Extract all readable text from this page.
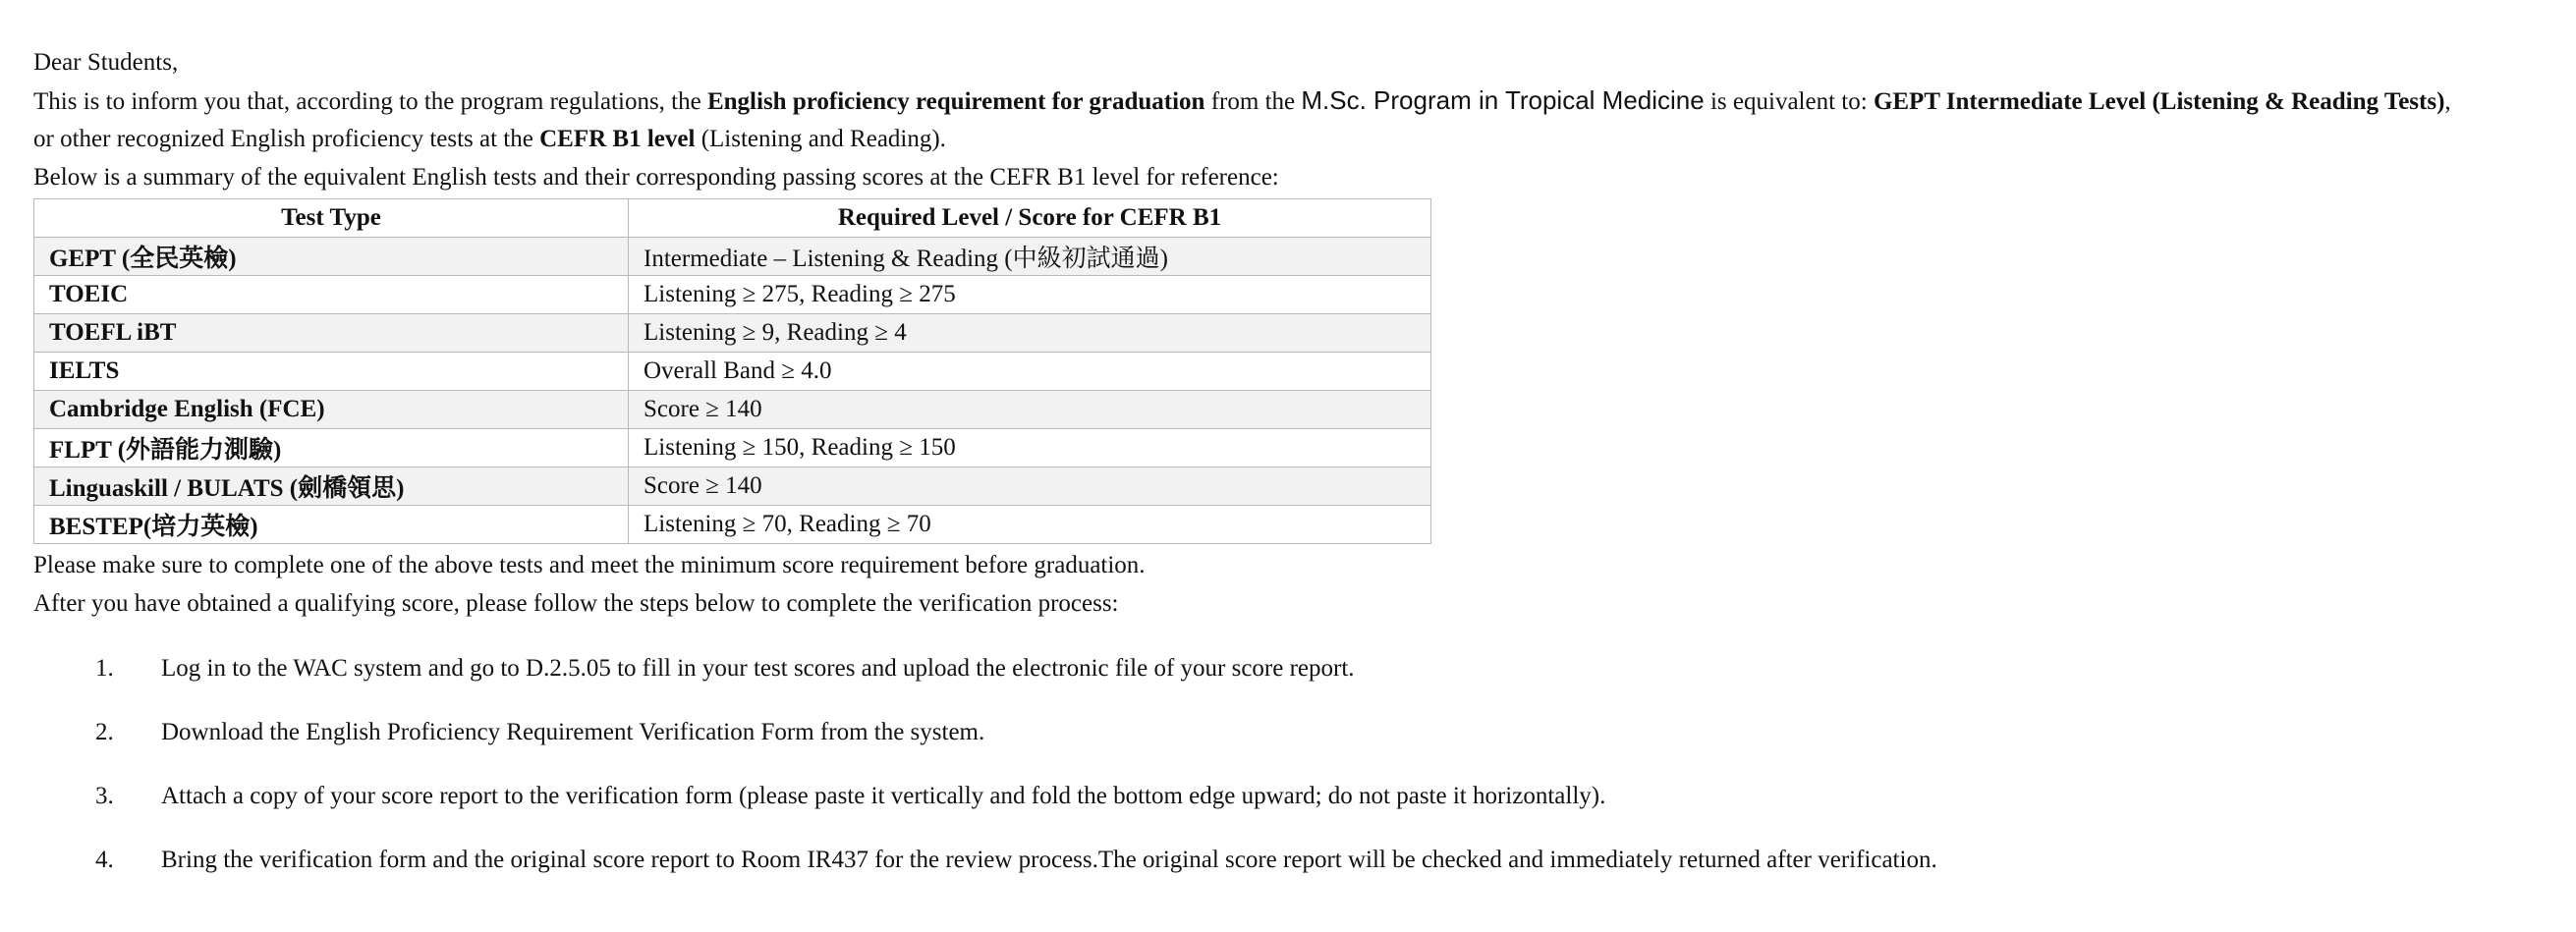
Dear Students,
This is to inform you that, according to the program regulations, the English proficiency requirement for graduation from the M.Sc. Program in Tropical Medicine is equivalent to: GEPT Intermediate Level (Listening & Reading Tests),
or other recognized English proficiency tests at the CEFR B1 level (Listening and Reading).
Below is a summary of the equivalent English tests and their corresponding passing scores at the CEFR B1 level for reference:
Test Type	Required Level / Score for CEFR B1
GEPT (全民英檢)	Intermediate – Listening & Reading (中級初試通過)
TOEIC	Listening ≥ 275, Reading ≥ 275
TOEFL iBT	Listening ≥ 9, Reading ≥ 4
IELTS	Overall Band ≥ 4.0
Cambridge English (FCE)	Score ≥ 140
FLPT (外語能力測驗)	Listening ≥ 150, Reading ≥ 150
Linguaskill / BULATS (劍橋領思)	Score ≥ 140
BESTEP(培力英檢)	Listening ≥ 70, Reading ≥ 70
Please make sure to complete one of the above tests and meet the minimum score requirement before graduation.
After you have obtained a qualifying score, please follow the steps below to complete the verification process:
1. Log in to the WAC system and go to D.2.5.05 to fill in your test scores and upload the electronic file of your score report.
2. Download the English Proficiency Requirement Verification Form from the system.
3. Attach a copy of your score report to the verification form (please paste it vertically and fold the bottom edge upward; do not paste it horizontally).
4. Bring the verification form and the original score report to Room IR437 for the review process.The original score report will be checked and immediately returned after verification.
